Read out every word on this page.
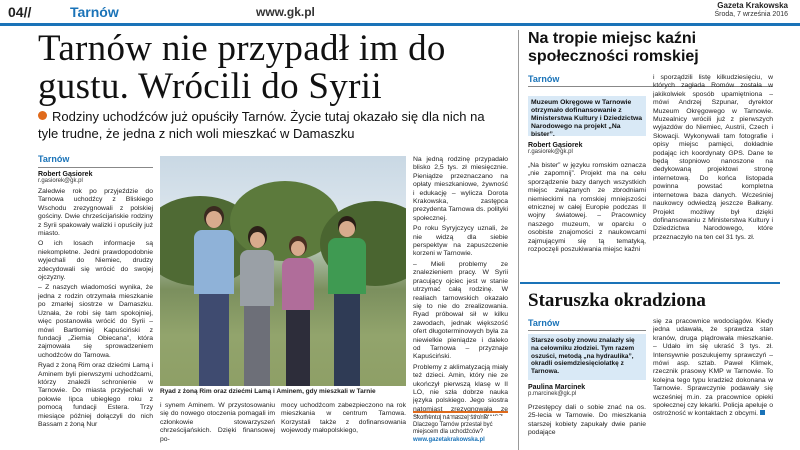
04//	Tarnów	www.gk.pl	Gazeta Krakowska
Środa, 7 września 2016
Tarnów nie przypadł im do gustu. Wrócili do Syrii
Rodziny uchodźców już opuściły Tarnów. Życie tutaj okazało się dla nich na tyle trudne, że jedna z nich woli mieszkać w Damaszku
Tarnów
Robert Gąsiorek
r.gasiorek@gk.pl

Zaledwie rok po przyjeździe do Tarnowa uchodźcy z Bliskiego Wschodu zrezygnowali z polskiej gościny. Dwie chrześcijańskie rodziny z Syrii spakowały walizki i opuściły już miasto.

O ich losach informacje są niekompletne. Jedni prawdopodobnie wyjechali do Niemiec, drudzy zdecydowali się wrócić do swojej ojczyzny.

– Z naszych wiadomości wynika, że jedna z rodzin otrzymała mieszkanie po zmarłej siostrze w Damaszku. Uznała, że robi się tam spokojniej, więc postanowiła wrócić do Syrii – mówi Bartłomiej Kapuściński z fundacji „Ziemia Obiecana”, która zajmowała się sprowadzeniem uchodźców do Tarnowa.

Ryad z żoną Rim oraz dziećmi Lamą i Aminem byli pierwszymi uchodźcami, którzy znaleźli schronienie w Tarnowie. Do miasta przyjechali w połowie lipca ubiegłego roku z pomocą fundacji Estera. Trzy miesiące później dołączyli do nich Bassam z żoną Nur

Ryad z żoną Rim oraz dziećmi Lamą i Aminem, gdy mieszkali w Tarnie
i synem Aminem. W przystosowaniu się do nowego otoczenia pomagali im członkowie stowarzyszeń chrześcijańskich. Dzięki finansowej po-
mocy uchodźcom zabezpieczono na rok mieszkania w centrum Tarnowa. Korzystali także z dofinansowania wojewody małopolskiego,

Na jedną rodzinę przypadało blisko 2,5 tys. zł miesięcznie. Pieniądze przeznaczano na opłaty mieszkaniowe, żywność i edukację – wylicza Dorota Krakowska, zastępca prezydenta Tarnowa ds. polityki społecznej.

Po roku Syryjczycy uznali, że nie widzą dla siebie perspektyw na zapuszczenie korzeni w Tarnowie.

– Mieli problemy ze znalezieniem pracy. W Syrii pracujący ojciec jest w stanie utrzymać całą rodzinę. W realiach tarnowskich okazało się to nie do zrealizowania. Ryad próbował sił w kilku zawodach, jednak większość ofert długoterminowych była za niewielkie pieniądze i daleko od Tarnowa – przyznaje Kapuściński.

Problemy z aklimatyzacją miały też dzieci. Amin, który nie ze ukończył pierwszą klasę w II LO, nie szła dobrze nauka języka polskiego. Jego siostra natomiast zrezygnowała ze

Skomentuj na naszej stronie Dlaczego Tarnów przestał być miejscem dla uchodźców?
www.gazetakrakowska.pl
Na tropie miejsc kaźni społeczności romskiej
Tarnów
Muzeum Okręgowe w Tarnowie otrzymało dofinansowanie z Ministerstwa Kultury i Dziedzictwa Narodowego na projekt „Na bister”.
Robert Gąsiorek
r.gasiorek@gk.pl
„Na bister” w języku romskim oznacza „nie zapomnij”. Projekt ma na celu sporządzenie bazy danych wszystkich miejsc związanych ze zbrodniami niemieckimi na romskiej mniejszości etnicznej w całej Europie podczas II wojny światowej. – Pracownicy naszego muzeum, w oparciu o osobiste znajomości z naukowcami zajmującymi się tą tematyką, rozpoczęli poszukiwania miejsc kaźni
i sporządzili listę kilkudziesięciu, w których zagłada Romów została w jakikolwiek sposób upamiętniona – mówi Andrzej Szpunar, dyrektor Muzeum Okręgowego w Tarnowie. Muzealnicy wrócili już z pierwszych wyjazdów do Niemiec, Austrii, Czech i Słowacji. Wykonywali tam fotografie i opisy miejsc pamięci, dokładnie podając ich koordynaty GPS. Dane te będą stopniowo nanoszone na dedykowaną projektowi stronę internetową. Do końca listopada powinna powstać kompletna internetowa baza danych. Wcześniej naukowcy odwiedzą jeszcze Bałkany. Projekt możliwy był dzięki dofinansowaniu z Ministerstwa Kultury i Dziedzictwa Narodowego, które przeznaczyło na ten cel 31 tys. zł.
Staruszka okradziona
Tarnów
Starsze osoby znowu znalazły się na celowniku złodziei. Tym razem oszuści, metodą „na hydraulika”, okradli osiemdziesięciolatkę z Tarnowa.
Paulina Marcinek
p.marcinek@gk.pl
Przestępcy dali o sobie znać na os. 25-lecia w Tarnowie. Do mieszkania starszej kobiety zapukały dwie panie podające
się za pracownice wodociągów. Kiedy jedna udawała, że sprawdza stan kranów, druga plądrowała mieszkanie. – Udało im się ukraść 3 tys. zł. Intensywnie poszukujemy sprawczyń – mówi asp. sztab. Paweł Klimek, rzecznik prasowy KMP w Tarnowie. To kolejna tego typu kradzież dokonana w Tarnowie. Sprawczynie podawały się wcześniej m.in. za pracownice opieki społecznej czy lekarki. Policja apeluje o ostrożność w kontaktach z obcymi.
